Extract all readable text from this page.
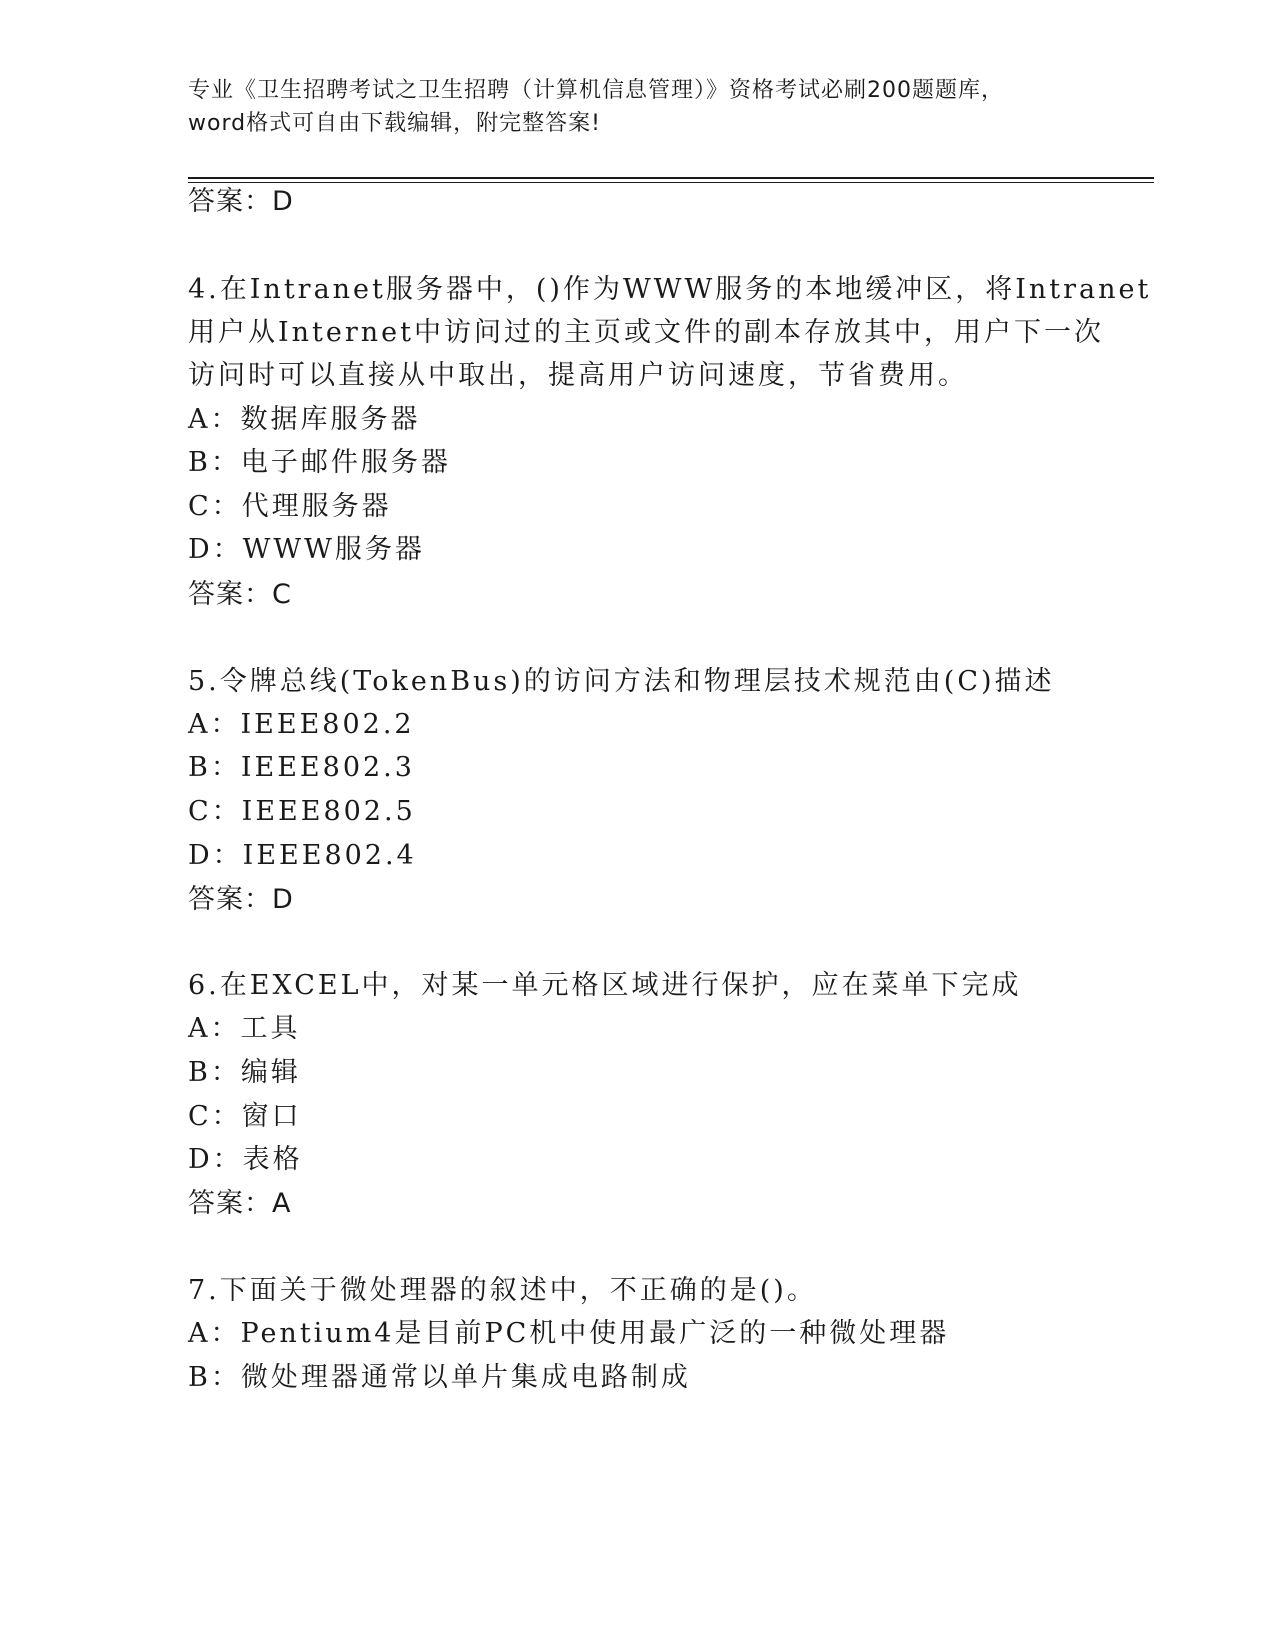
专业《卫生招聘考试之卫生招聘（计算机信息管理）》资格考试必刷200题题库，
word格式可自由下载编辑，附完整答案!
答案：D
4.在Intranet服务器中，()作为WWW服务的本地缓冲区，将Intranet
用户从Internet中访问过的主页或文件的副本存放其中，用户下一次
访问时可以直接从中取出，提高用户访问速度，节省费用。
A：数据库服务器
B：电子邮件服务器
C：代理服务器
D：WWW服务器
答案：C
5.令牌总线(TokenBus)的访问方法和物理层技术规范由(C)描述
A：IEEE802.2
B：IEEE802.3
C：IEEE802.5
D：IEEE802.4
答案：D
6.在EXCEL中，对某一单元格区域进行保护，应在菜单下完成
A：工具
B：编辑
C：窗口
D：表格
答案：A
7.下面关于微处理器的叙述中，不正确的是()。
A：Pentium4是目前PC机中使用最广泛的一种微处理器
B：微处理器通常以单片集成电路制成
